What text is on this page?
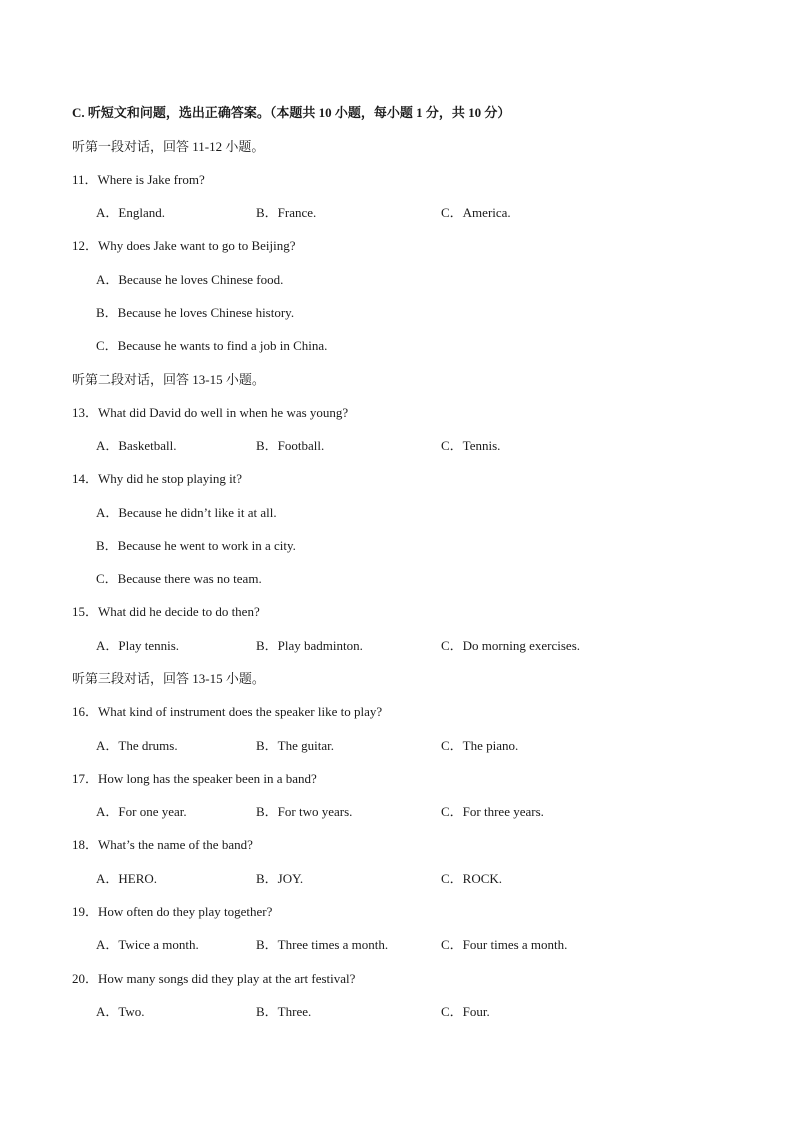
C. 听短文和问题，选出正确答案。（本题共 10 小题，每小题 1 分，共 10 分）
听第一段对话，回答 11-12 小题。
11．Where is Jake from?
A．England.	B．France.	C．America.
12．Why does Jake want to go to Beijing?
A．Because he loves Chinese food.
B．Because he loves Chinese history.
C．Because he wants to find a job in China.
听第二段对话，回答 13-15 小题。
13．What did David do well in when he was young?
A．Basketball.	B．Football.	C．Tennis.
14．Why did he stop playing it?
A．Because he didn’t like it at all.
B．Because he went to work in a city.
C．Because there was no team.
15．What did he decide to do then?
A．Play tennis.	B．Play badminton.	C．Do morning exercises.
听第三段对话，回答 13-15 小题。
16．What kind of instrument does the speaker like to play?
A．The drums.	B．The guitar.	C．The piano.
17．How long has the speaker been in a band?
A．For one year.	B．For two years.	C．For three years.
18．What’s the name of the band?
A．HERO.	B．JOY.	C．ROCK.
19．How often do they play together?
A．Twice a month.	B．Three times a month.	C．Four times a month.
20．How many songs did they play at the art festival?
A．Two.	B．Three.	C．Four.
